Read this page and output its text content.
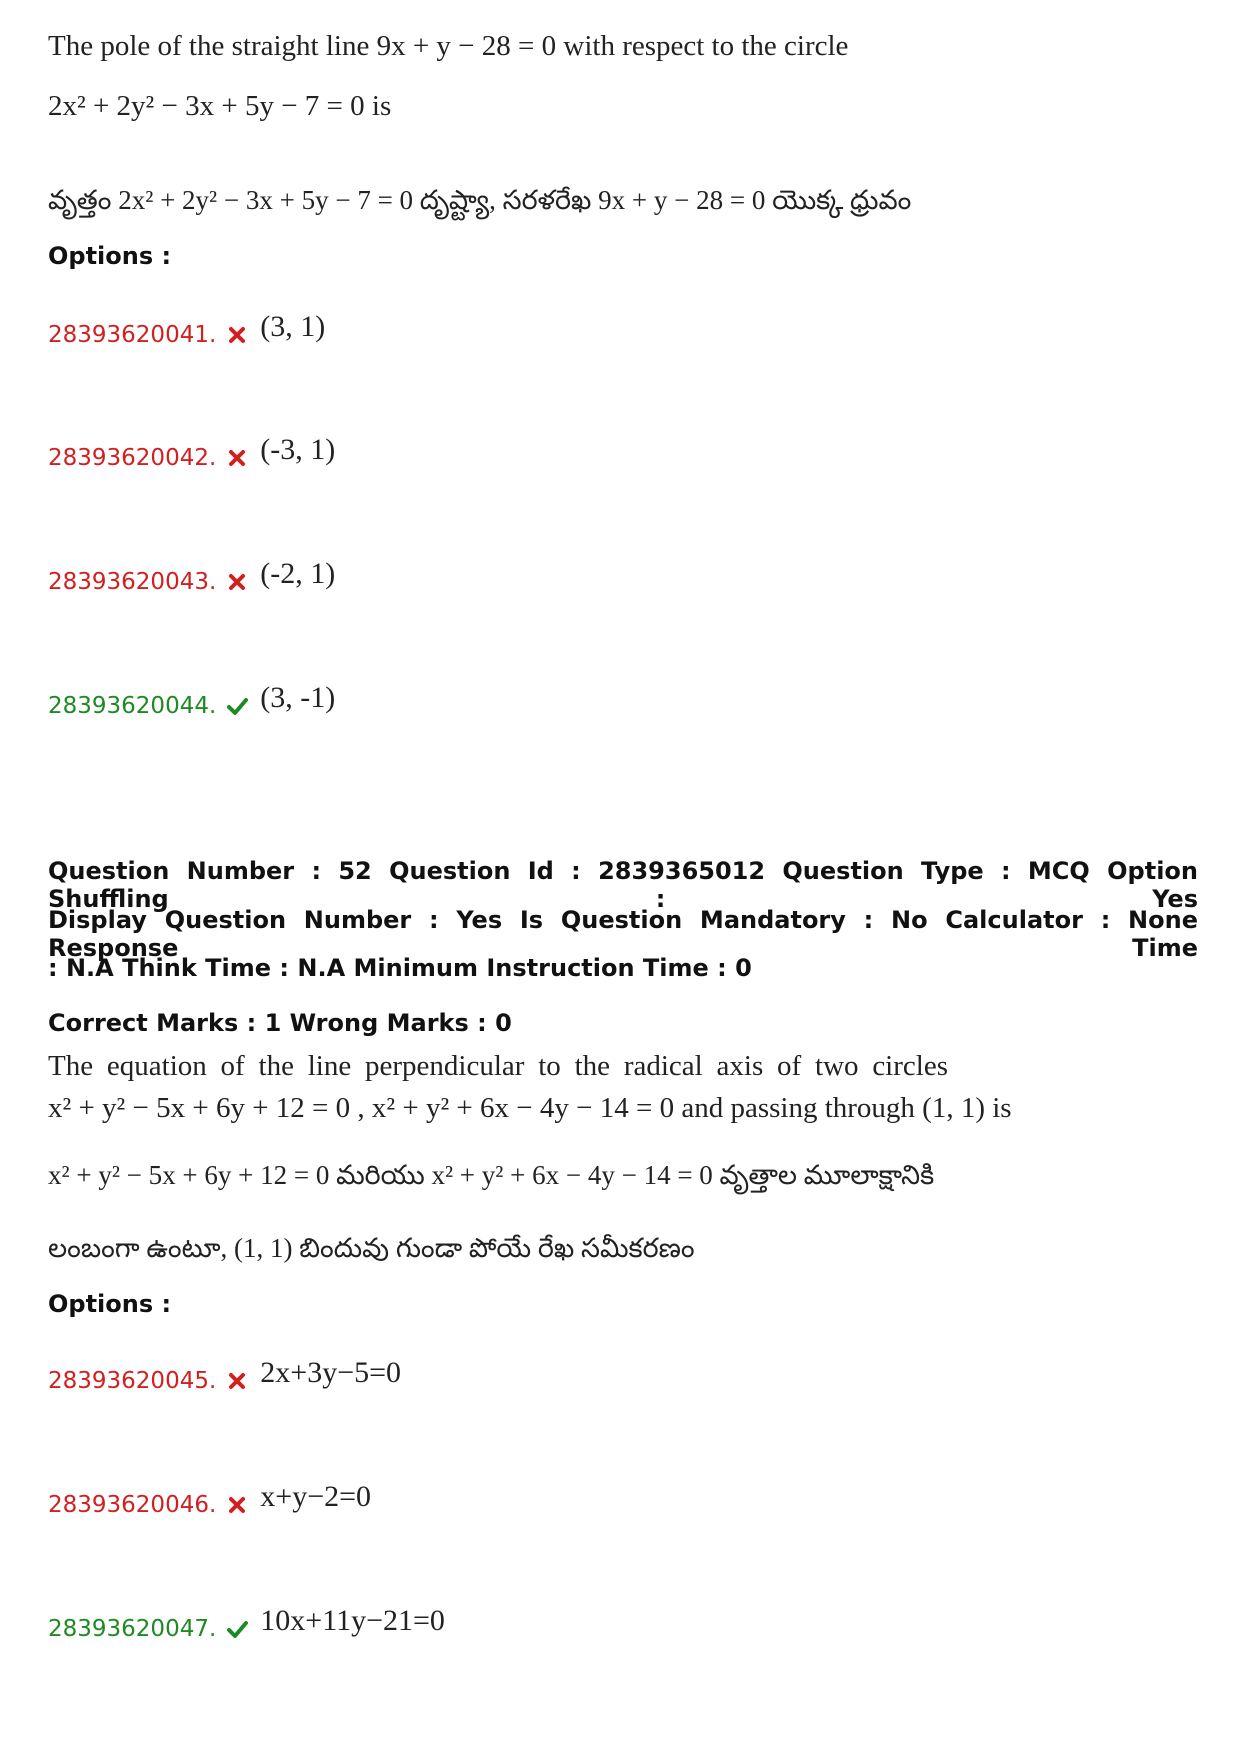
The pole of the straight line 9x + y − 28 = 0 with respect to the circle
2x² + 2y² − 3x + 5y − 7 = 0 is
వృత్తం 2x² + 2y² − 3x + 5y − 7 = 0 దృష్ట్యా, సరళరేఖ 9x + y − 28 = 0 యొక్క ధ్రువం
Options :
28393620041. (3, 1)
28393620042. (-3, 1)
28393620043. (-2, 1)
28393620044. (3, -1)
Question Number : 52 Question Id : 2839365012 Question Type : MCQ Option Shuffling : Yes
Display Question Number : Yes Is Question Mandatory : No Calculator : None Response Time
: N.A Think Time : N.A Minimum Instruction Time : 0
Correct Marks : 1 Wrong Marks : 0
The equation of the line perpendicular to the radical axis of two circles
x² + y² − 5x + 6y + 12 = 0 , x² + y² + 6x − 4y − 14 = 0 and passing through (1, 1) is
x² + y² − 5x + 6y + 12 = 0 మరియు x² + y² + 6x − 4y − 14 = 0 వృత్తాల మూలాక్షానికి
లంబంగా ఉంటూ, (1, 1) బిందువు గుండా పోయే రేఖ సమీకరణం
Options :
28393620045. 2x+3y−5=0
28393620046. x+y−2=0
28393620047. 10x+11y−21=0
